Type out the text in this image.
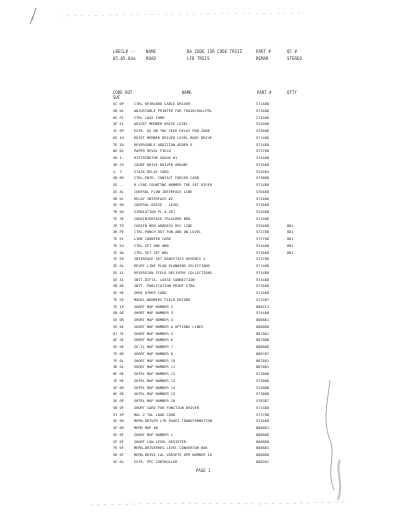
LBECL# --
05.05.84a
NAME
ROAD
BA CODE ISR CODE TRSIZ
LFD TRSIS
PART #
REMAR
QC #
STEREO
CODE OUT
SUF
NAME	PART #	QTTY
5C 0P	CTRL KEYBOARD CABLE DRIVER	C71488
SB 0L	ADJUSTABLE PRINTER FOR TRAIN/ROLLPRL	573488
6E P1	CTRL LOGS FORM	C74486
3E E1	ADJUST MEMBER DRIVE LEVEL	574486
3C 0P	EXTR. #2 BB THE FEED RELAY PAD ZONE	570486
6E 1H	RESET MEMBER DRIVER LEVEL BODY DRIVE	571486
TE 5A	REVERSABLE ADDITION ADDER 5	571488
0E 0L	PAPER REVOL FIELD	573788
SH 1-	DISTRIBUTOR GAUGE #1	374488
3R S5	COUNT DRIVE DRIVER AMOUNT	575488
4_ 7-	STACK RELAY CARD	574484
SB 0R	CTRL-ENTR. CONTACT FORCED CARD	573888
SE --	R LINE COUNTING NUMBER THE SET RISER	571488
SE 8L	CONTROL FLOW INTERFACE LINE	570488
SB 0L	RELAY INTERFACE #2	572486
SE 0R	CONTROL DRIVE - LEVEL	573488
TH 0A	SIMULATION PL #-SET	574488
TE 3E	COREINTERFACE-TRLACHER BRD	571486
JP TR	COREIN REN ADDRESS REC LINE	570488	881
3R PE	CTRL-PUNCH OUT FUN AND ON LEVEL	571788	881
TE E1	LINE COUNTER CARD	572788	881
TE E4	CTRL-SET ONE #BB	574488	881
TE 0A	CTRL-SET SET BBL	573488	881
TE E0	INTERFACE SET DENSITIES REGENTS 2	572788
3E 0L	REVRT-LINE PLAN PLANNING SELECTIONS	571488
SE 4L	REVERSION FIELD DELIVERY COLLECTIONS	571488
SE 4I	INTT-DIFTA. LOSSE CONNECTION	574488
SB 0E	INTT. PUBLICATION PRINT STRA	573488
SE 0E	SHMI OTHER CARD	571488
TE SE	MODEL-NUMBERS FIELD RECORD	572487
TE 1P	SHORT MAP NUMBER 2	888213
SB 0E	SHORT MAP NUMBER 3	574488
SE 0R	SHORT MAP NUMBER 4	888881
SE 0E	SHORT MAP NUMBER & OPTIONS LINES	888888
0T 3F	SHORT MAP NUMBER 5	887881
0F 3E	SHORT MAP NUMBER 6	887888
SE 0E	SE-TL MAP NUMBER 7	888888
7E 0R	SHORT MAP NUMBER 8	888787
7E 0L	SHORT MAP NUMBER 10	887881
3R 0L	SHORT MAP NUMBER 11	887881
0F 0E	SHTRL MAP NUMBER 12	571888
7E 0E	SHTRL MAP NUMBER 13	573888
SE 0R	SHTRL MAP NUMBER 14	574888
0F 0E	SHTRL MAP NUMBER 15	573888
3E 0P	SHTRL MAP NUMBER 20	578387
SB 0F	SHORT CARD FOR FUNCTION DRIVER	571488
3T 3P	MAL 2 TAL LOAD CARD	573788
SE 0R	MEMO-DRIVER LTR PAGES TRANSFORMATION	574488
SE 0R	MEMO MAP #8	888881
SE 0F	SHORT MAP NUMBER 1	888888
SE 0F	SHORT LOW-LEVEL REGISTER	888888
7E 0F	MEMO-DRIVERREG LEVEL CONVERTOR BAR	888881
SB 0T	MEMO-DRIVE CAL VARIETE OPR NUMBER 10	888888
SE 0L	EXTR. PPC CONTROLLER	888281
PAGE 1
